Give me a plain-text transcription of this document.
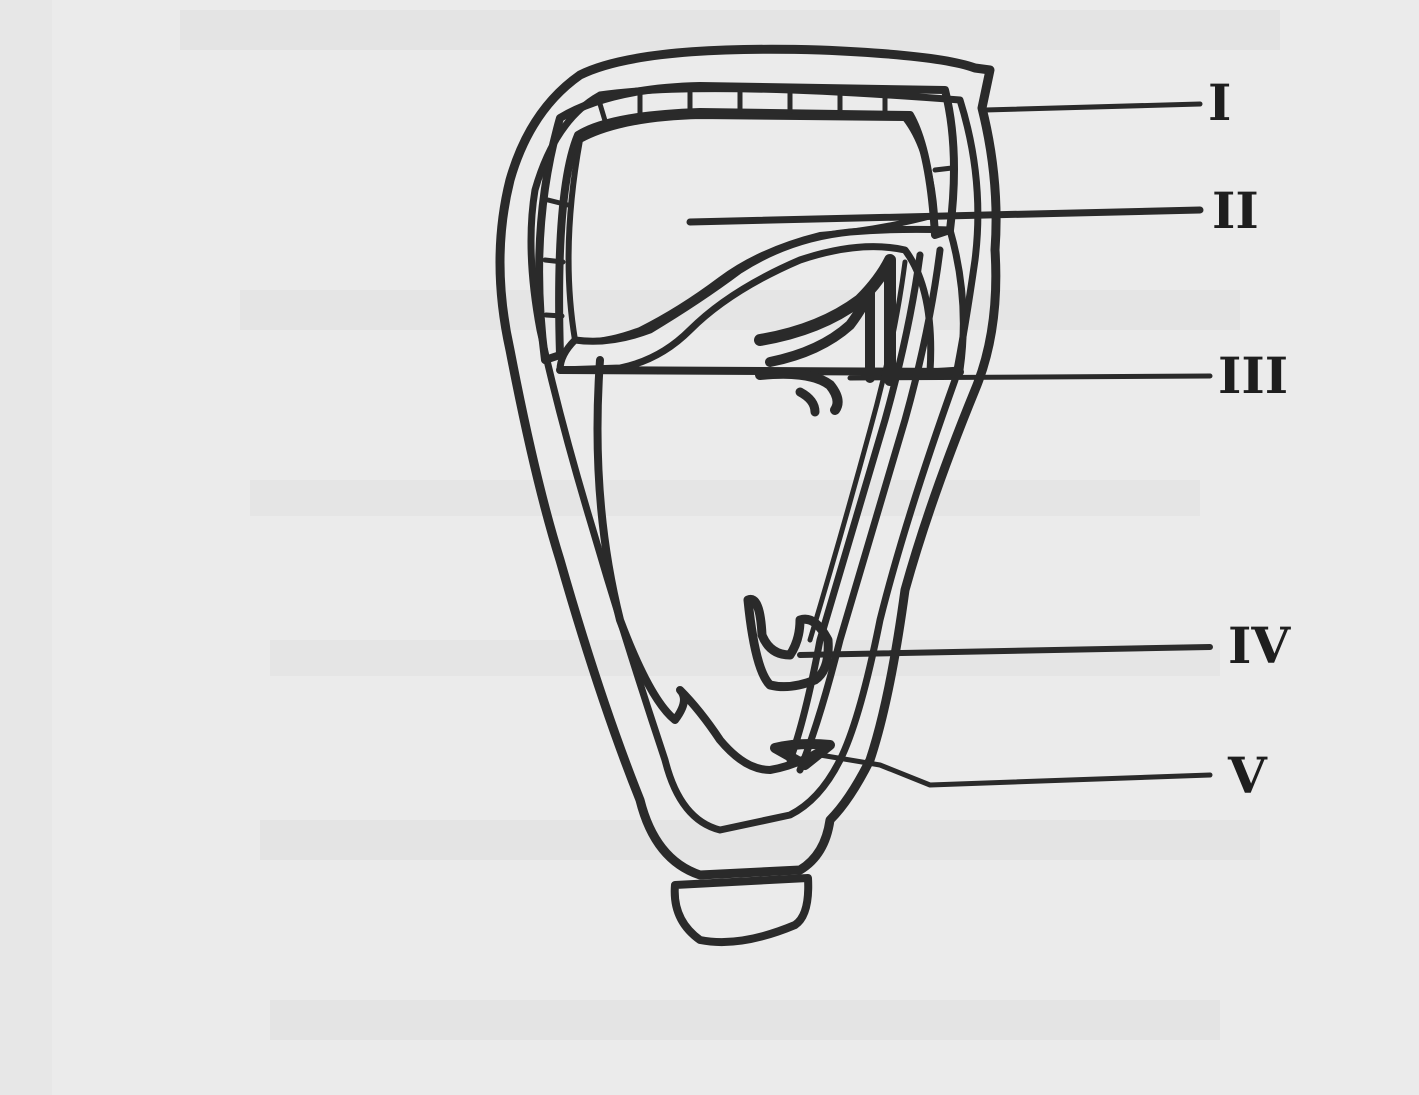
I
II
III
IV
V
